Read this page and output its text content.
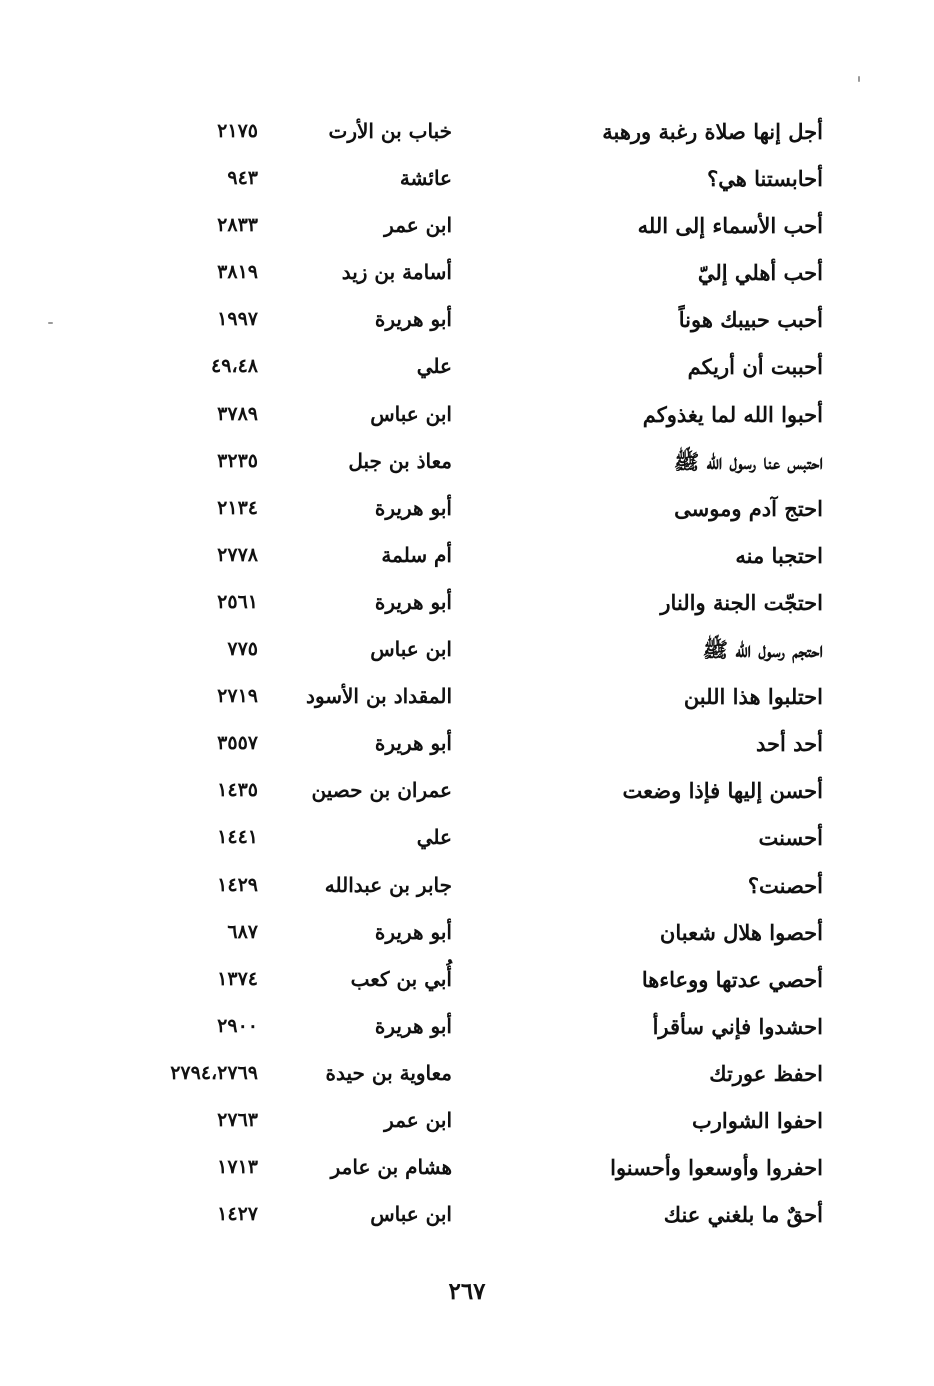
أجل إنها صلاة رغبة ورهبة
خباب بن الأرت
٢١٧٥
أحابستنا هي؟
عائشة
٩٤٣
أحب الأسماء إلى الله
ابن عمر
٢٨٣٣
أحب أهلي إليّ
أسامة بن زيد
٣٨١٩
أحبب حبيبك هوناً
أبو هريرة
١٩٩٧
أحببت أن أريكم
علي
٤٩،٤٨
أحبوا الله لما يغذوكم
ابن عباس
٣٧٨٩
احتبس عنا رسول الله ﷺ
معاذ بن جبل
٣٢٣٥
احتج آدم وموسى
أبو هريرة
٢١٣٤
احتجبا منه
أم سلمة
٢٧٧٨
احتجّت الجنة والنار
أبو هريرة
٢٥٦١
احتجم رسول الله ﷺ
ابن عباس
٧٧٥
احتلبوا هذا اللبن
المقداد بن الأسود
٢٧١٩
أحد أحد
أبو هريرة
٣٥٥٧
أحسن إليها فإذا وضعت
عمران بن حصين
١٤٣٥
أحسنت
علي
١٤٤١
أحصنت؟
جابر بن عبدالله
١٤٢٩
أحصوا هلال شعبان
أبو هريرة
٦٨٧
أحصي عدتها ووعاءها
أُبي بن كعب
١٣٧٤
احشدوا فإني سأقرأ
أبو هريرة
٢٩٠٠
احفظ عورتك
معاوية بن حيدة
٢٧٩٤،٢٧٦٩
احفوا الشوارب
ابن عمر
٢٧٦٣
احفروا وأوسعوا وأحسنوا
هشام بن عامر
١٧١٣
أحقٌ ما بلغني عنك
ابن عباس
١٤٢٧
٢٦٧
